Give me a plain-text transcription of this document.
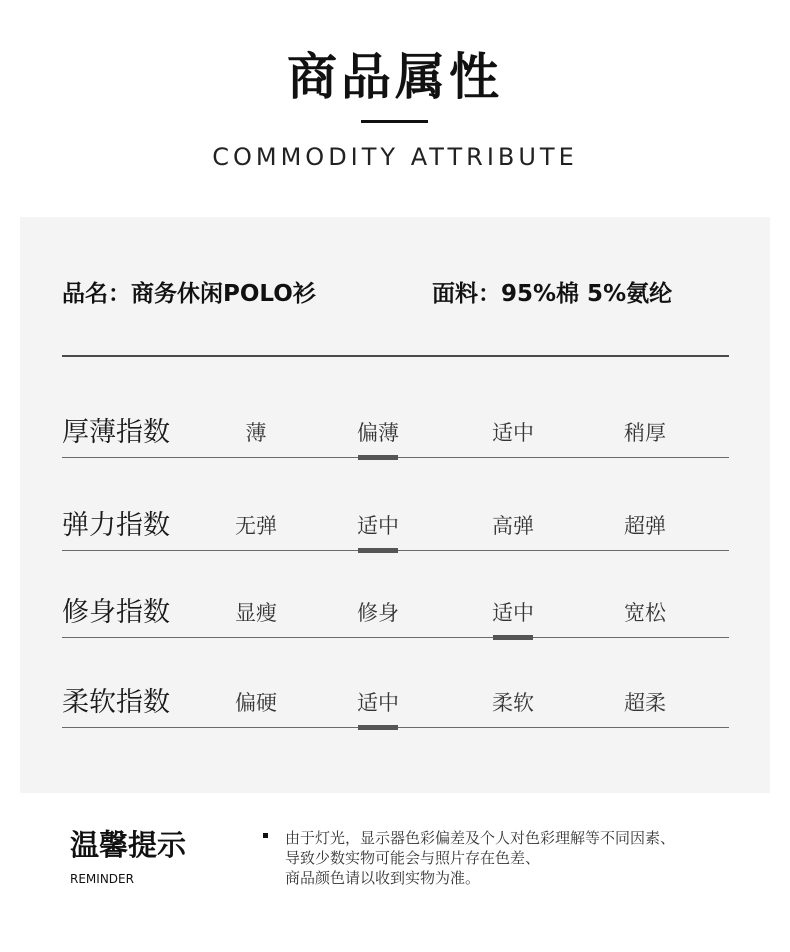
商品属性
COMMODITY ATTRIBUTE
品名：商务休闲POLO衫	面料：95%棉 5%氨纶
厚薄指数	薄	偏薄	适中	稍厚
弹力指数	无弹	适中	高弹	超弹
修身指数	显瘦	修身	适中	宽松
柔软指数	偏硬	适中	柔软	超柔
温馨提示
REMINDER
由于灯光，显示器色彩偏差及个人对色彩理解等不同因素、
导致少数实物可能会与照片存在色差、
商品颜色请以收到实物为准。
